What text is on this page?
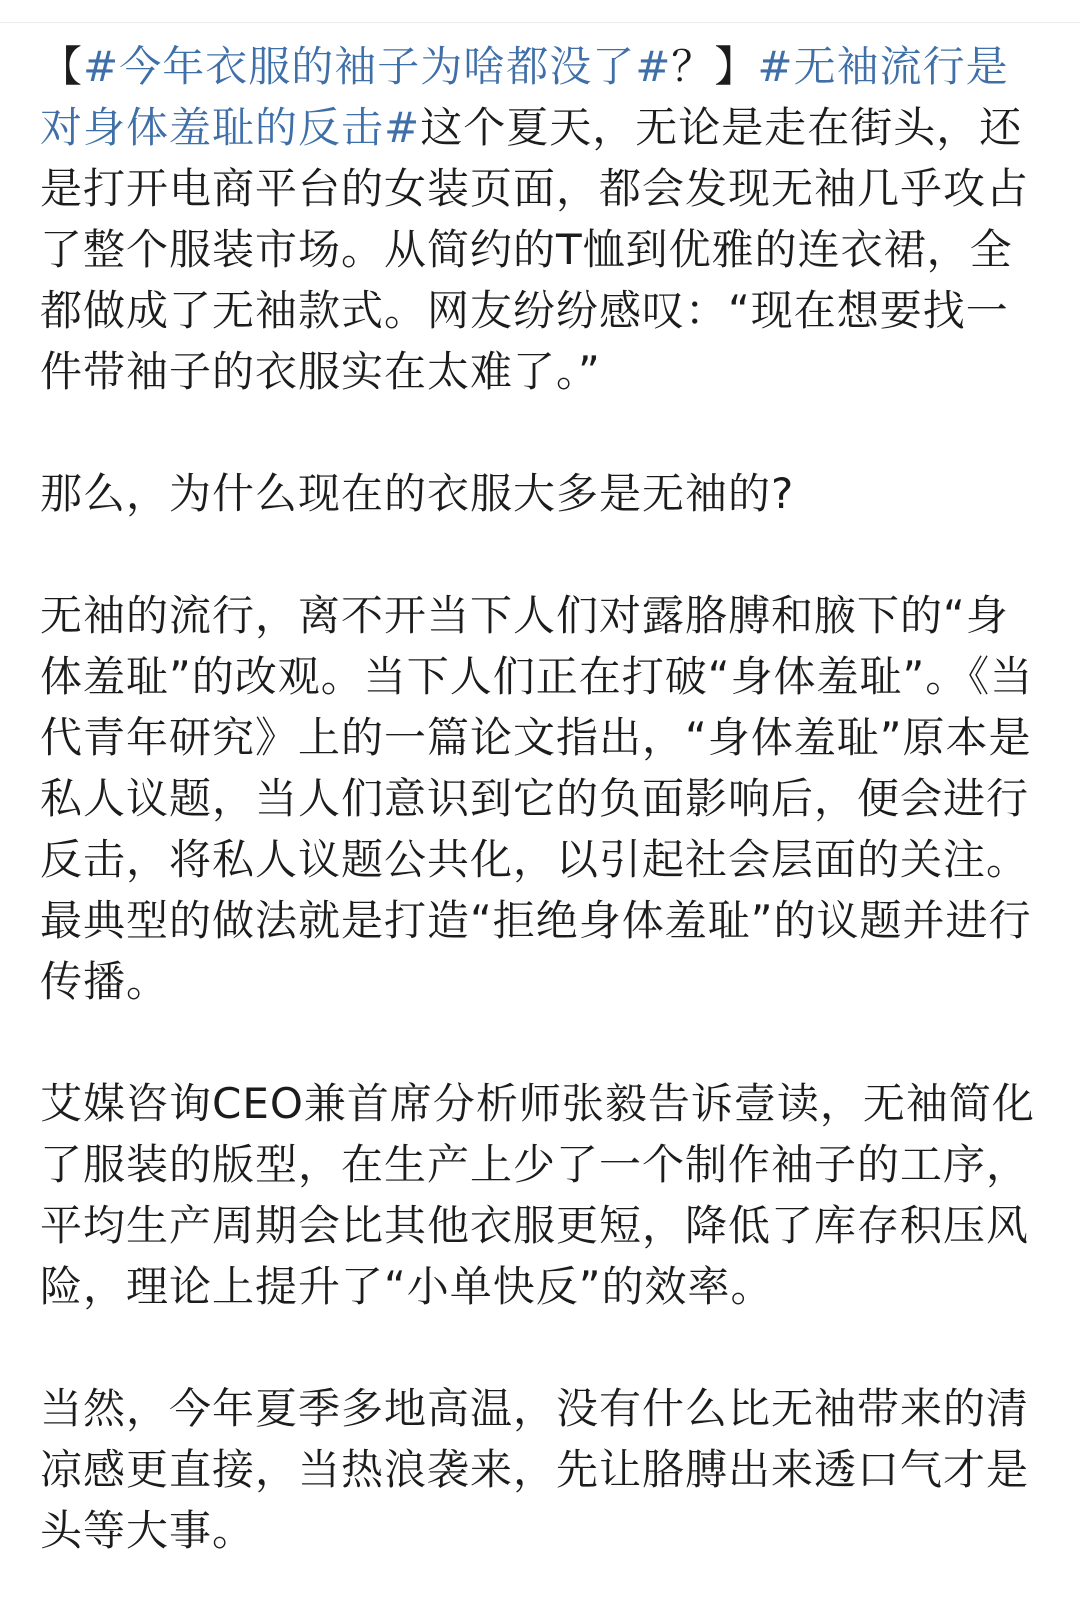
【#今年衣服的袖子为啥都没了#？】#无袖流行是对身体羞耻的反击#这个夏天，无论是走在街头，还是打开电商平台的女装页面，都会发现无袖几乎攻占了整个服装市场。从简约的T恤到优雅的连衣裙，全都做成了无袖款式。网友纷纷感叹：“现在想要找一件带袖子的衣服实在太难了。”

那么，为什么现在的衣服大多是无袖的?

无袖的流行，离不开当下人们对露胳膊和腋下的“身体羞耻”的改观。当下人们正在打破“身体羞耻”。《当代青年研究》上的一篇论文指出，“身体羞耻”原本是私人议题，当人们意识到它的负面影响后，便会进行反击，将私人议题公共化，以引起社会层面的关注。最典型的做法就是打造“拒绝身体羞耻”的议题并进行传播。

艾媒咨询CEO兼首席分析师张毅告诉壹读，无袖简化了服装的版型，在生产上少了一个制作袖子的工序，平均生产周期会比其他衣服更短，降低了库存积压风险，理论上提升了“小单快反”的效率。

当然，今年夏季多地高温，没有什么比无袖带来的清凉感更直接，当热浪袭来，先让胳膊出来透口气才是头等大事。
